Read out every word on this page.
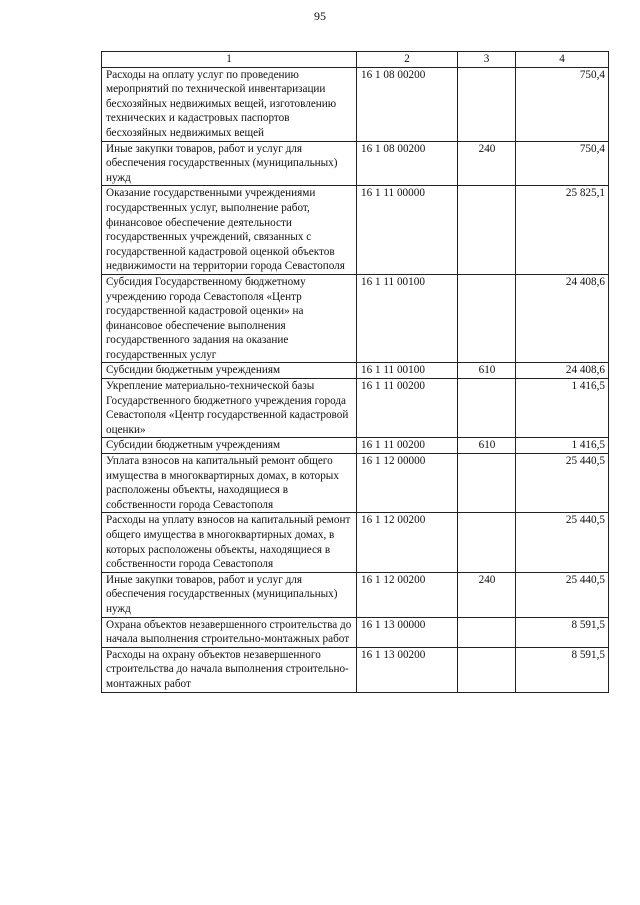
95
1	2	3	4
Расходы на оплату услуг по проведению мероприятий по технической инвентаризации бесхозяйных недвижимых вещей, изготовлению технических и кадастровых паспортов бесхозяйных недвижимых вещей	16 1 08 00200		750,4
Иные закупки товаров, работ и услуг для обеспечения государственных (муниципальных) нужд	16 1 08 00200	240	750,4
Оказание государственными учреждениями государственных услуг, выполнение работ, финансовое обеспечение деятельности государственных учреждений, связанных с государственной кадастровой оценкой объектов недвижимости на территории города Севастополя	16 1 11 00000		25 825,1
Субсидия Государственному бюджетному учреждению города Севастополя «Центр государственной кадастровой оценки» на финансовое обеспечение выполнения государственного задания на оказание государственных услуг	16 1 11 00100		24 408,6
Субсидии бюджетным учреждениям	16 1 11 00100	610	24 408,6
Укрепление материально-технической базы Государственного бюджетного учреждения города Севастополя «Центр государственной кадастровой оценки»	16 1 11 00200		1 416,5
Субсидии бюджетным учреждениям	16 1 11 00200	610	1 416,5
Уплата взносов на капитальный ремонт общего имущества в многоквартирных домах, в которых расположены объекты, находящиеся в собственности города Севастополя	16 1 12 00000		25 440,5
Расходы на уплату взносов на капитальный ремонт общего имущества в многоквартирных домах, в которых расположены объекты, находящиеся в собственности города Севастополя	16 1 12 00200		25 440,5
Иные закупки товаров, работ и услуг для обеспечения государственных (муниципальных) нужд	16 1 12 00200	240	25 440,5
Охрана объектов незавершенного строительства до начала выполнения строительно-монтажных работ	16 1 13 00000		8 591,5
Расходы на охрану объектов незавершенного строительства до начала выполнения строительно-монтажных работ	16 1 13 00200		8 591,5
